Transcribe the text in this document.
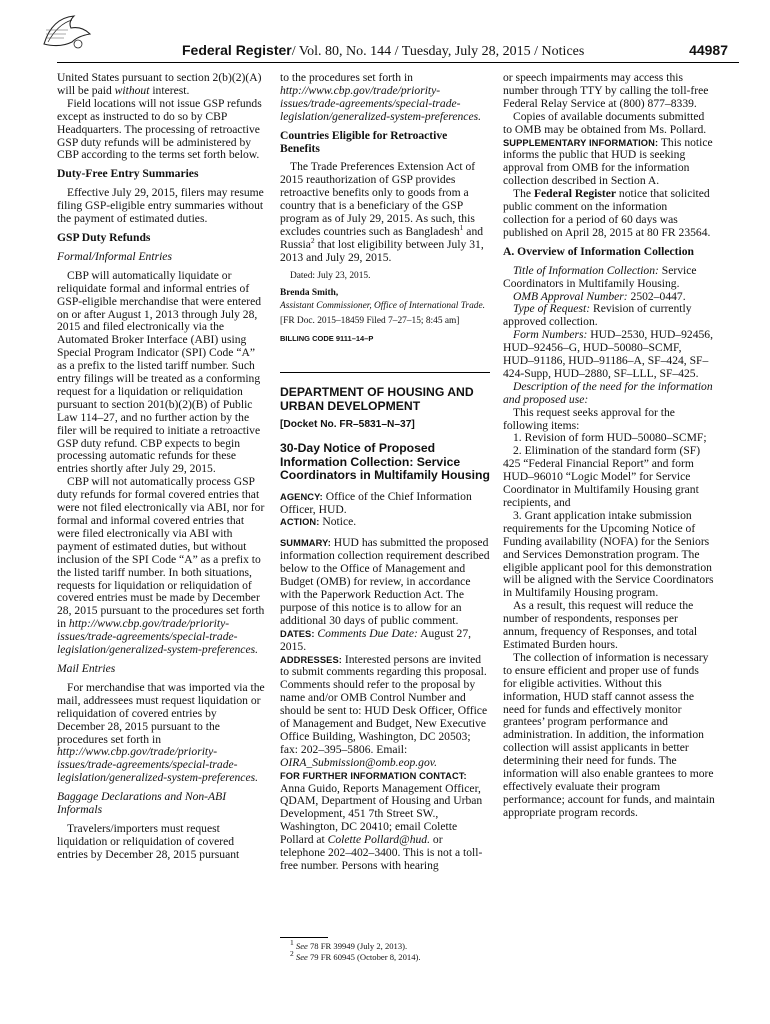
Federal Register/ Vol. 80, No. 144 / Tuesday, July 28, 2015 / Notices	44987

United States pursuant to section 2(b)(2)(A) will be paid without interest.

Field locations will not issue GSP refunds except as instructed to do so by CBP Headquarters. The processing of retroactive GSP duty refunds will be administered by CBP according to the terms set forth below.

Duty-Free Entry Summaries

Effective July 29, 2015, filers may resume filing GSP-eligible entry summaries without the payment of estimated duties.

GSP Duty Refunds

Formal/Informal Entries

CBP will automatically liquidate or reliquidate formal and informal entries of GSP-eligible merchandise that were entered on or after August 1, 2013 through July 28, 2015 and filed electronically via the Automated Broker Interface (ABI) using Special Program Indicator (SPI) Code “A” as a prefix to the listed tariff number. Such entry filings will be treated as a conforming request for a liquidation or reliquidation pursuant to section 201(b)(2)(B) of Public Law 114–27, and no further action by the filer will be required to initiate a retroactive GSP duty refund. CBP expects to begin processing automatic refunds for these entries shortly after July 29, 2015.

CBP will not automatically process GSP duty refunds for formal covered entries that were not filed electronically via ABI, nor for formal and informal covered entries that were filed electronically via ABI with payment of estimated duties, but without inclusion of the SPI Code “A” as a prefix to the listed tariff number. In both situations, requests for liquidation or reliquidation of covered entries must be made by December 28, 2015 pursuant to the procedures set forth in http://www.cbp.gov/trade/priority-issues/trade-agreements/special-trade-legislation/generalized-system-preferences.

Mail Entries

For merchandise that was imported via the mail, addressees must request liquidation or reliquidation of covered entries by December 28, 2015 pursuant to the procedures set forth in http://www.cbp.gov/trade/priority-issues/trade-agreements/special-trade-legislation/generalized-system-preferences.

Baggage Declarations and Non-ABI Informals

Travelers/importers must request liquidation or reliquidation of covered entries by December 28, 2015 pursuant

to the procedures set forth in http://www.cbp.gov/trade/priority-issues/trade-agreements/special-trade-legislation/generalized-system-preferences.

Countries Eligible for Retroactive Benefits

The Trade Preferences Extension Act of 2015 reauthorization of GSP provides retroactive benefits only to goods from a country that is a beneficiary of the GSP program as of July 29, 2015. As such, this excludes countries such as Bangladesh$^1$ and Russia$^2$ that lost eligibility between July 31, 2013 and July 29, 2015.

Dated: July 23, 2015.

Brenda Smith,

Assistant Commissioner, Office of International Trade.

[FR Doc. 2015–18459 Filed 7–27–15; 8:45 am]

BILLING CODE 9111–14–P

DEPARTMENT OF HOUSING AND URBAN DEVELOPMENT

[Docket No. FR–5831–N–37]

30-Day Notice of Proposed Information Collection: Service Coordinators in Multifamily Housing

AGENCY: Office of the Chief Information Officer, HUD.

ACTION: Notice.

SUMMARY: HUD has submitted the proposed information collection requirement described below to the Office of Management and Budget (OMB) for review, in accordance with the Paperwork Reduction Act. The purpose of this notice is to allow for an additional 30 days of public comment.

DATES: Comments Due Date: August 27, 2015.

ADDRESSES: Interested persons are invited to submit comments regarding this proposal. Comments should refer to the proposal by name and/or OMB Control Number and should be sent to: HUD Desk Officer, Office of Management and Budget, New Executive Office Building, Washington, DC 20503; fax: 202–395–5806. Email: OIRA_Submission@omb.eop.gov.

FOR FURTHER INFORMATION CONTACT: Anna Guido, Reports Management Officer, QDAM, Department of Housing and Urban Development, 451 7th Street SW., Washington, DC 20410; email Colette Pollard at Colette Pollard@hud. or telephone 202–402–3400. This is not a toll-free number. Persons with hearing

$^1$ See 78 FR 39949 (July 2, 2013).

$^2$ See 79 FR 60945 (October 8, 2014).

or speech impairments may access this number through TTY by calling the toll-free Federal Relay Service at (800) 877–8339.

Copies of available documents submitted to OMB may be obtained from Ms. Pollard.

SUPPLEMENTARY INFORMATION: This notice informs the public that HUD is seeking approval from OMB for the information collection described in Section A.

The Federal Register notice that solicited public comment on the information collection for a period of 60 days was published on April 28, 2015 at 80 FR 23564.

A. Overview of Information Collection

Title of Information Collection: Service Coordinators in Multifamily Housing.

OMB Approval Number: 2502–0447.

Type of Request: Revision of currently approved collection.

Form Numbers: HUD–2530, HUD–92456, HUD–92456–G, HUD–50080–SCMF, HUD–91186, HUD–91186–A, SF–424, SF–424-Supp, HUD–2880, SF–LLL, SF–425.

Description of the need for the information and proposed use:

This request seeks approval for the following items:

1. Revision of form HUD–50080–SCMF;

2. Elimination of the standard form (SF) 425 “Federal Financial Report” and form HUD–96010 “Logic Model” for Service Coordinator in Multifamily Housing grant recipients, and

3. Grant application intake submission requirements for the Upcoming Notice of Funding availability (NOFA) for the Seniors and Services Demonstration program. The eligible applicant pool for this demonstration will be aligned with the Service Coordinators in Multifamily Housing program.

As a result, this request will reduce the number of respondents, responses per annum, frequency of Responses, and total Estimated Burden hours.

The collection of information is necessary to ensure efficient and proper use of funds for eligible activities. Without this information, HUD staff cannot assess the need for funds and effectively monitor grantees’ program performance and administration. In addition, the information collection will assist applicants in better determining their need for funds. The information will also enable grantees to more effectively evaluate their program performance; account for funds, and maintain appropriate program records.
